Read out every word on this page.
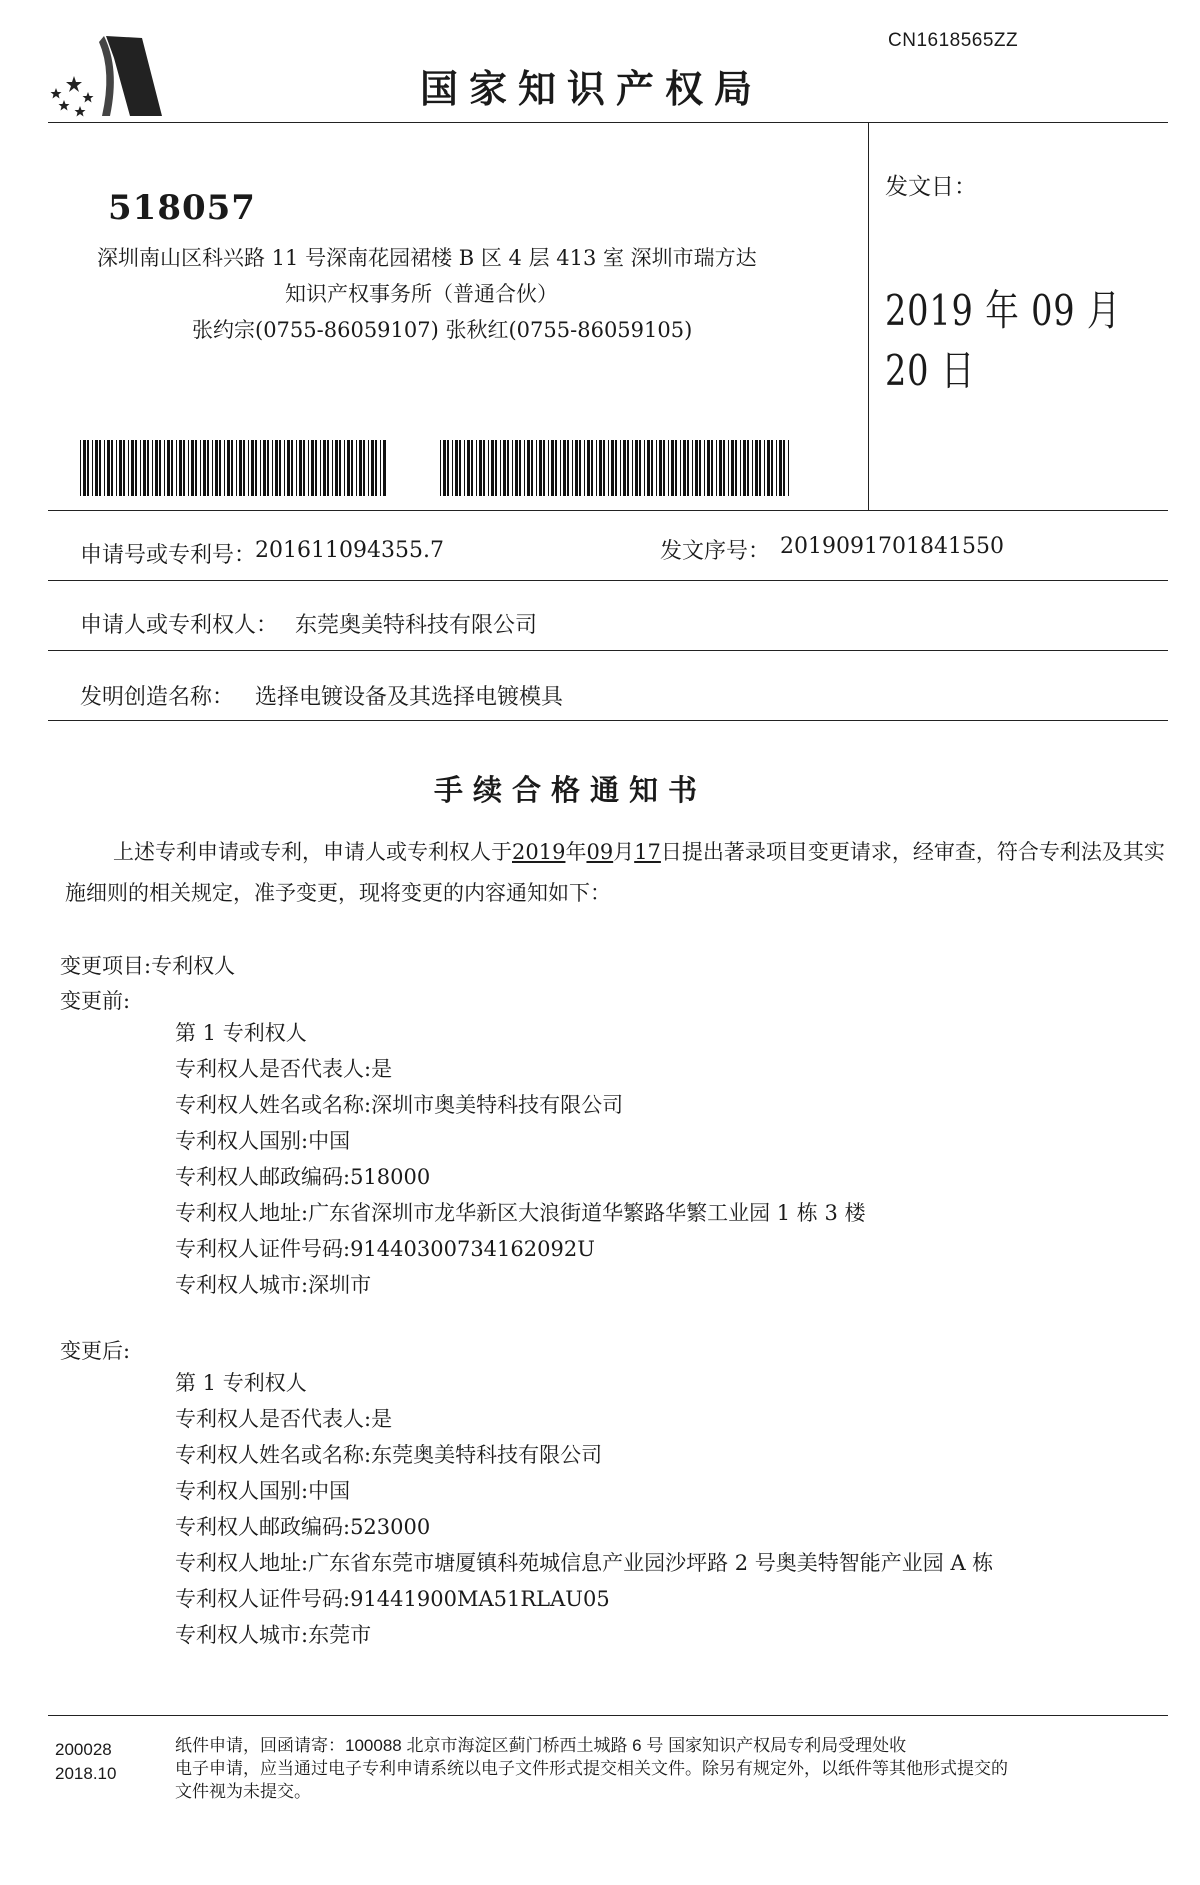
CN1618565ZZ
国家知识产权局
518057
深圳南山区科兴路 11 号深南花园裙楼 B 区 4 层 413 室 深圳市瑞方达
知识产权事务所（普通合伙）
张约宗(0755-86059107) 张秋红(0755-86059105)
发文日：
2019 年 09 月 20 日
申请号或专利号：
201611094355.7	发文序号： 2019091701841550
申请人或专利权人： 东莞奥美特科技有限公司
发明创造名称： 选择电镀设备及其选择电镀模具
手续合格通知书
上述专利申请或专利，申请人或专利权人于2019年09月17日提出著录项目变更请求，经审查，符合专利法及其实施细则的相关规定，准予变更，现将变更的内容通知如下：
变更项目:专利权人
变更前:
第 1 专利权人
专利权人是否代表人:是
专利权人姓名或名称:深圳市奥美特科技有限公司
专利权人国别:中国
专利权人邮政编码:518000
专利权人地址:广东省深圳市龙华新区大浪街道华繁路华繁工业园 1 栋 3 楼
专利权人证件号码:91440300734162092U
专利权人城市:深圳市
变更后:
第 1 专利权人
专利权人是否代表人:是
专利权人姓名或名称:东莞奥美特科技有限公司
专利权人国别:中国
专利权人邮政编码:523000
专利权人地址:广东省东莞市塘厦镇科苑城信息产业园沙坪路 2 号奥美特智能产业园 A 栋
专利权人证件号码:91441900MA51RLAU05
专利权人城市:东莞市
200028
2018.10
纸件申请，回函请寄：100088 北京市海淀区蓟门桥西土城路 6 号 国家知识产权局专利局受理处收
电子申请，应当通过电子专利申请系统以电子文件形式提交相关文件。除另有规定外，以纸件等其他形式提交的
文件视为未提交。
